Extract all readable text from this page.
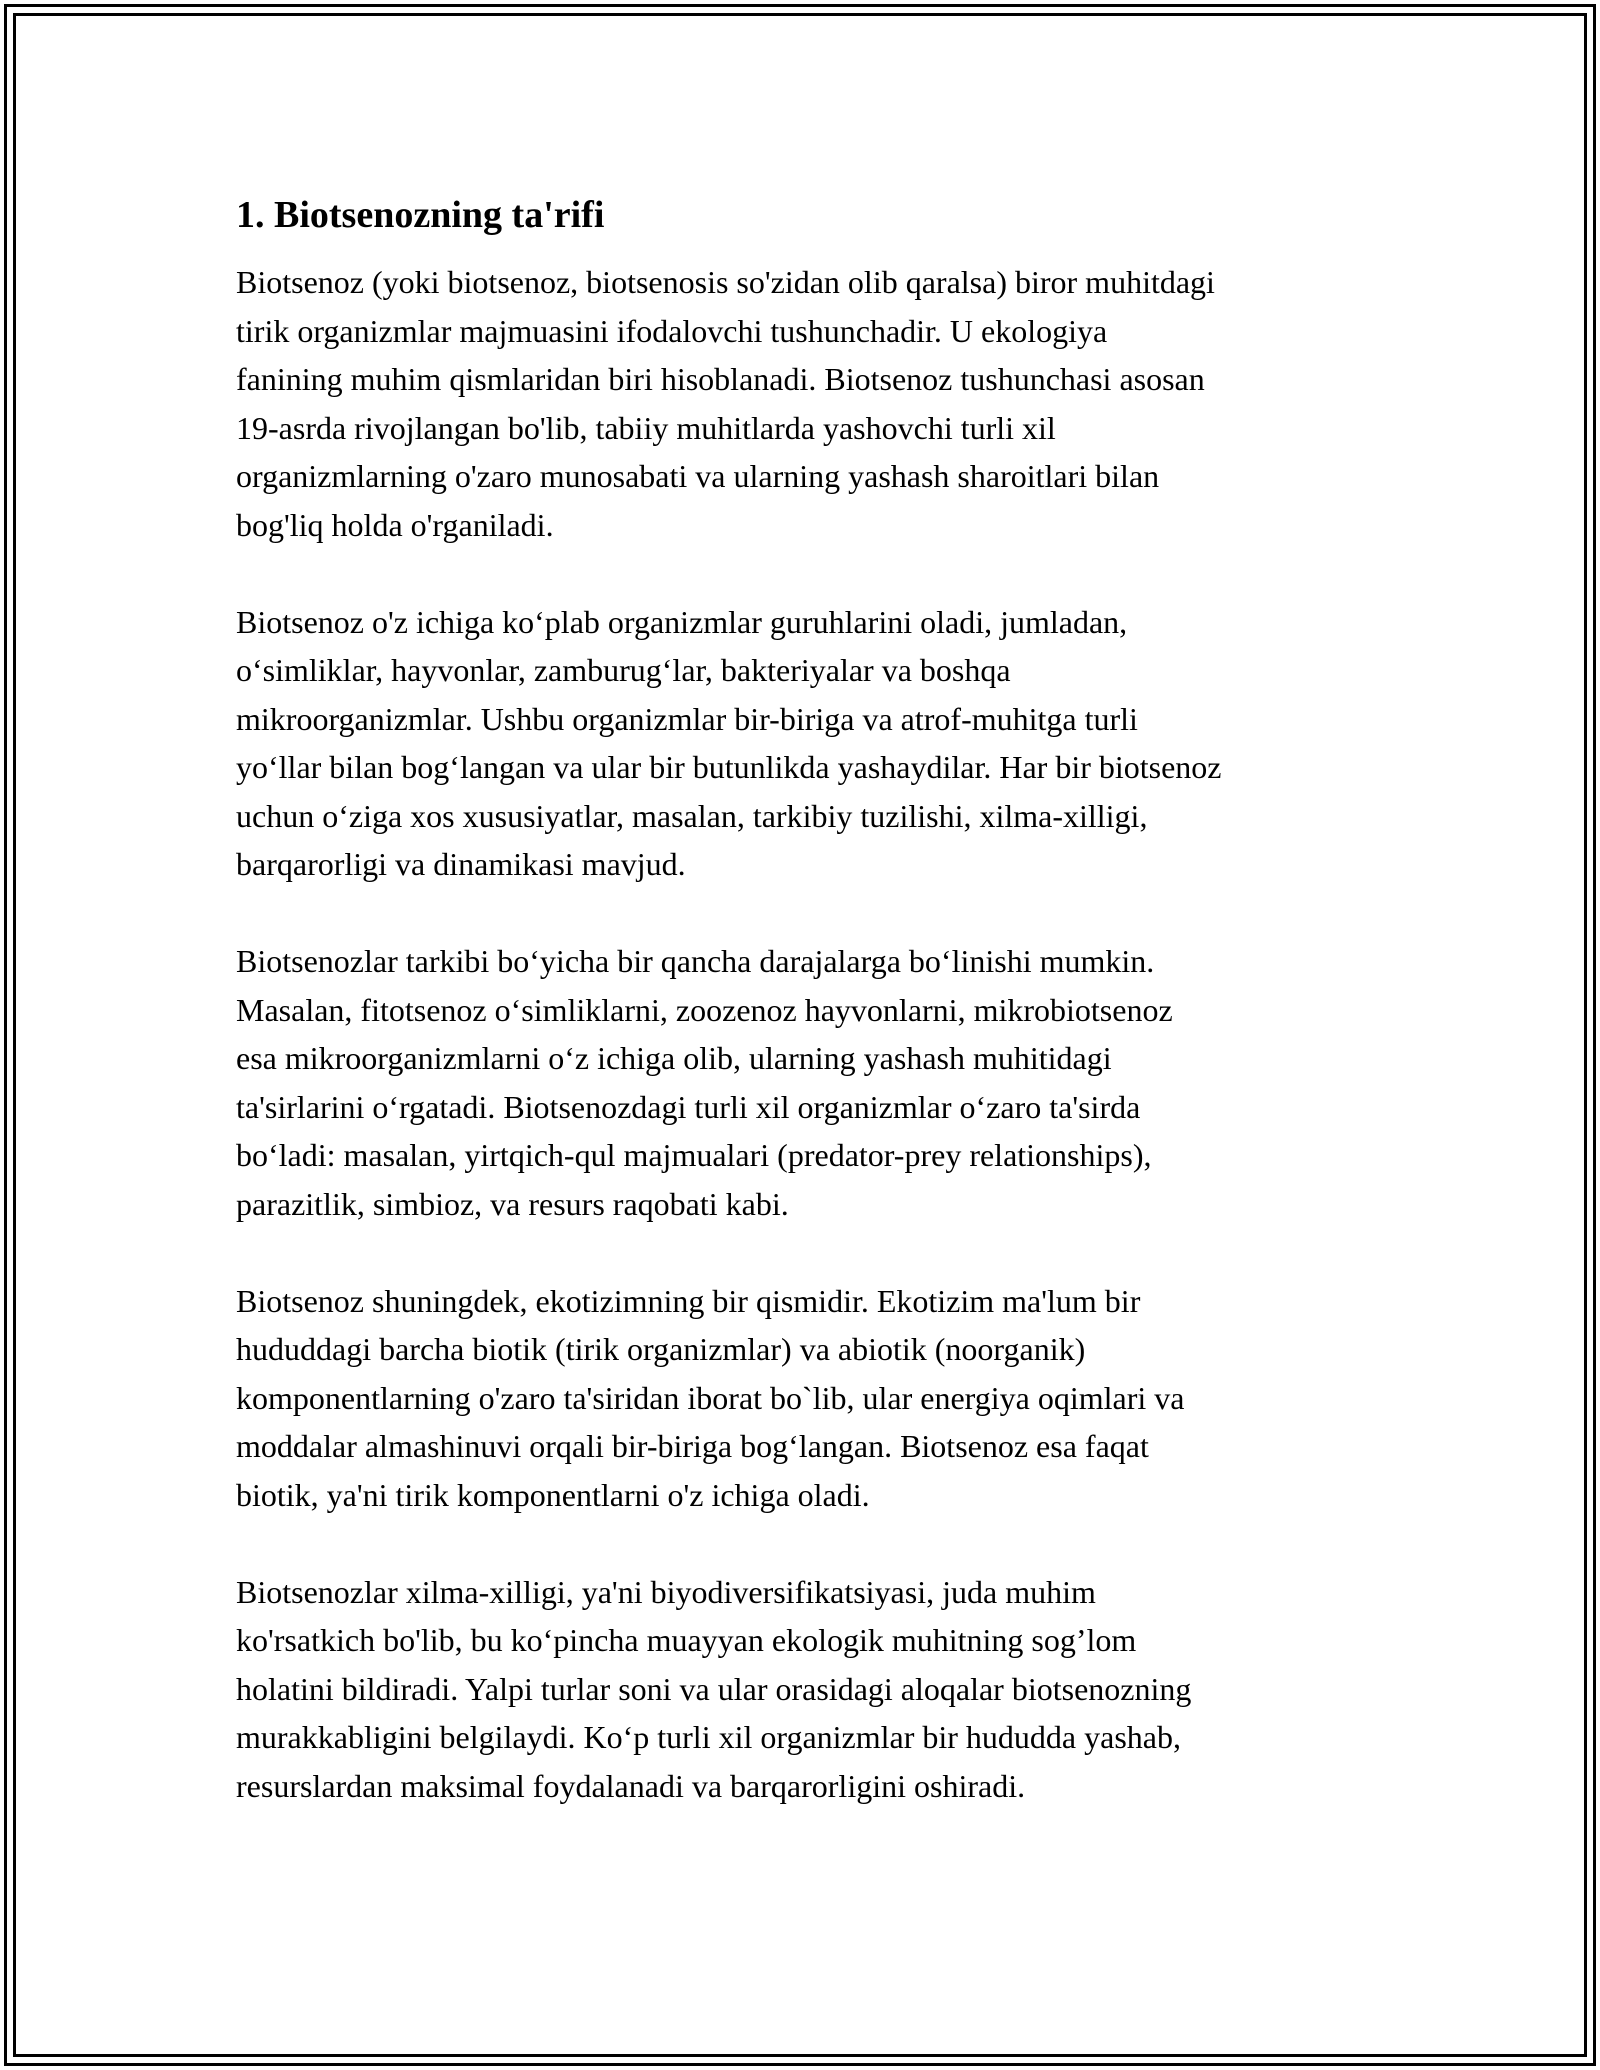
1. Biotsenozning ta'rifi

Biotsenoz (yoki biotsenoz, biotsenosis so'zidan olib qaralsa) biror muhitdagi
tirik organizmlar majmuasini ifodalovchi tushunchadir. U ekologiya
fanining muhim qismlaridan biri hisoblanadi. Biotsenoz tushunchasi asosan
19-asrda rivojlangan bo'lib, tabiiy muhitlarda yashovchi turli xil
organizmlarning o'zaro munosabati va ularning yashash sharoitlari bilan
bog'liq holda o'rganiladi.

Biotsenoz o'z ichiga ko‘plab organizmlar guruhlarini oladi, jumladan,
o‘simliklar, hayvonlar, zamburug‘lar, bakteriyalar va boshqa
mikroorganizmlar. Ushbu organizmlar bir-biriga va atrof-muhitga turli
yo‘llar bilan bog‘langan va ular bir butunlikda yashaydilar. Har bir biotsenoz
uchun o‘ziga xos xususiyatlar, masalan, tarkibiy tuzilishi, xilma-xilligi,
barqarorligi va dinamikasi mavjud.

Biotsenozlar tarkibi bo‘yicha bir qancha darajalarga bo‘linishi mumkin.
Masalan, fitotsenoz o‘simliklarni, zoozenoz hayvonlarni, mikrobiotsenoz
esa mikroorganizmlarni o‘z ichiga olib, ularning yashash muhitidagi
ta'sirlarini o‘rgatadi. Biotsenozdagi turli xil organizmlar o‘zaro ta'sirda
bo‘ladi: masalan, yirtqich-qul majmualari (predator-prey relationships),
parazitlik, simbioz, va resurs raqobati kabi.

Biotsenoz shuningdek, ekotizimning bir qismidir. Ekotizim ma'lum bir
hududdagi barcha biotik (tirik organizmlar) va abiotik (noorganik)
komponentlarning o'zaro ta'siridan iborat bo`lib, ular energiya oqimlari va
moddalar almashinuvi orqali bir-biriga bog‘langan. Biotsenoz esa faqat
biotik, ya'ni tirik komponentlarni o'z ichiga oladi.

Biotsenozlar xilma-xilligi, ya'ni biyodiversifikatsiyasi, juda muhim
ko'rsatkich bo'lib, bu ko‘pincha muayyan ekologik muhitning sog’lom
holatini bildiradi. Yalpi turlar soni va ular orasidagi aloqalar biotsenozning
murakkabligini belgilaydi. Ko‘p turli xil organizmlar bir hududda yashab,
resurslardan maksimal foydalanadi va barqarorligini oshiradi.
